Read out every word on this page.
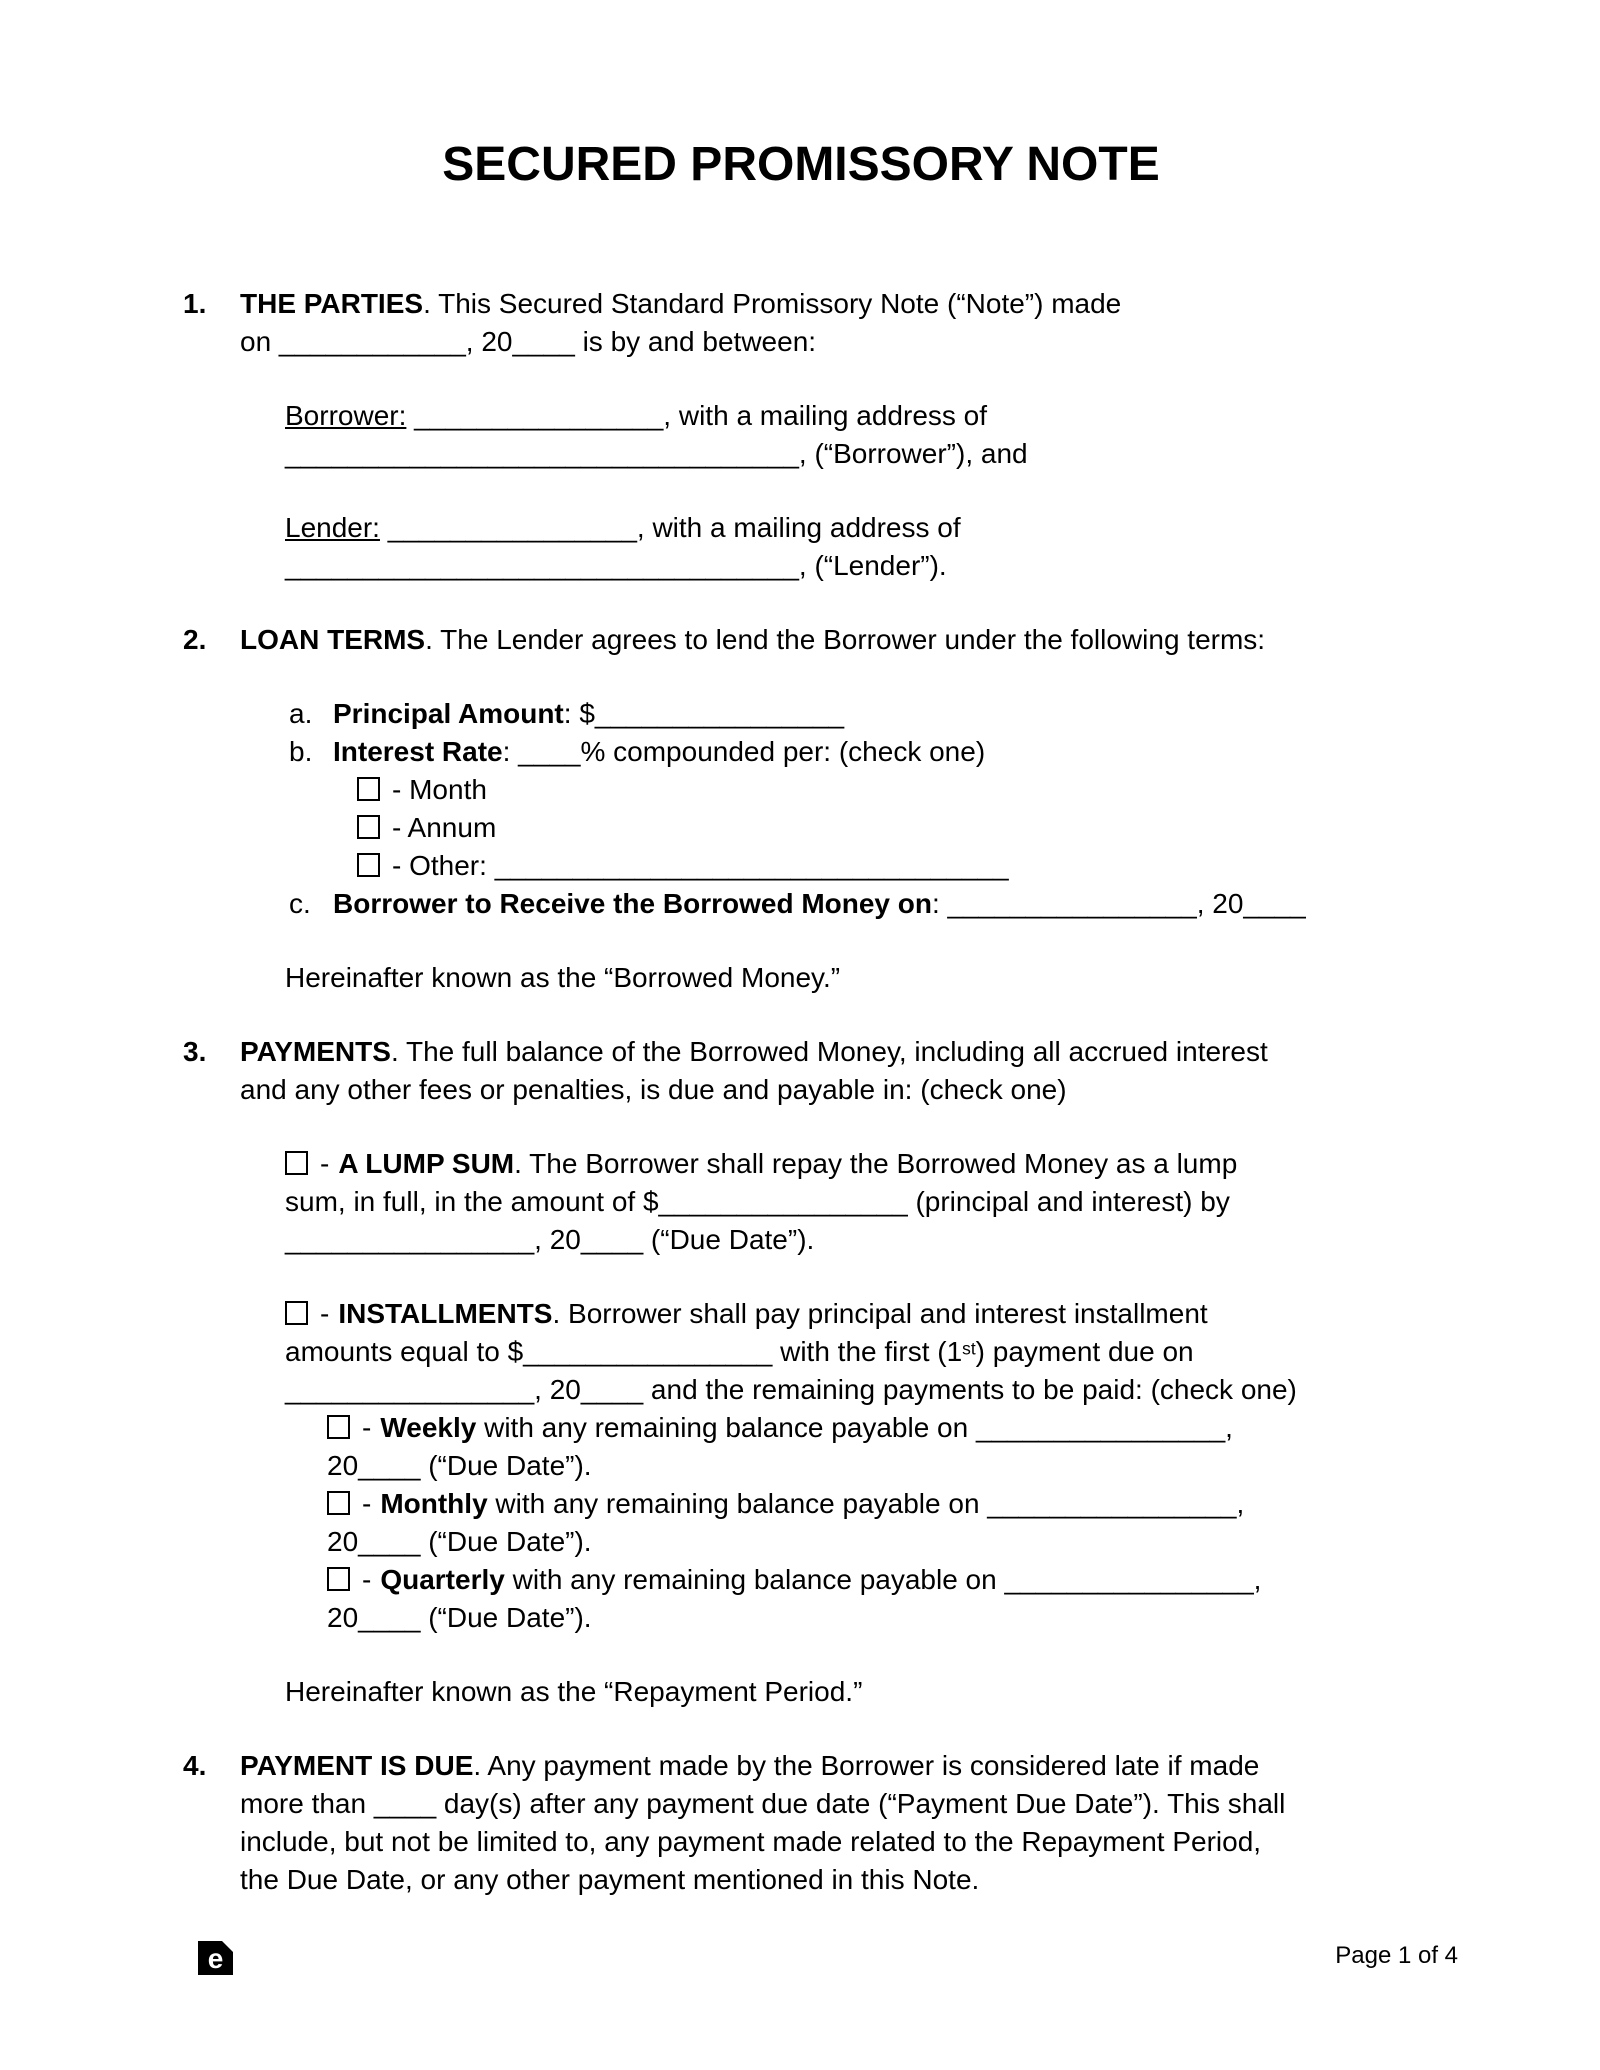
SECURED PROMISSORY NOTE
1.	THE PARTIES. This Secured Standard Promissory Note (“Note”) made
on ____________, 20____ is by and between:
Borrower: ________________, with a mailing address of
_________________________________, (“Borrower”), and
Lender: ________________, with a mailing address of
_________________________________, (“Lender”).
2.	LOAN TERMS. The Lender agrees to lend the Borrower under the following terms:
a. Principal Amount: $________________
b. Interest Rate: ____% compounded per: (check one)
- Month
- Annum
- Other: _________________________________
c. Borrower to Receive the Borrowed Money on: ________________, 20____
Hereinafter known as the “Borrowed Money.”
3.	PAYMENTS. The full balance of the Borrowed Money, including all accrued interest
and any other fees or penalties, is due and payable in: (check one)
- A LUMP SUM. The Borrower shall repay the Borrowed Money as a lump
sum, in full, in the amount of $________________ (principal and interest) by
________________, 20____ (“Due Date”).
- INSTALLMENTS. Borrower shall pay principal and interest installment
amounts equal to $________________ with the first (1st) payment due on
________________, 20____ and the remaining payments to be paid: (check one)
- Weekly with any remaining balance payable on ________________,
20____ (“Due Date”).
- Monthly with any remaining balance payable on ________________,
20____ (“Due Date”).
- Quarterly with any remaining balance payable on ________________,
20____ (“Due Date”).
Hereinafter known as the “Repayment Period.”
4.	PAYMENT IS DUE. Any payment made by the Borrower is considered late if made
more than ____ day(s) after any payment due date (“Payment Due Date”). This shall
include, but not be limited to, any payment made related to the Repayment Period,
the Due Date, or any other payment mentioned in this Note.
e	Page 1 of 4
